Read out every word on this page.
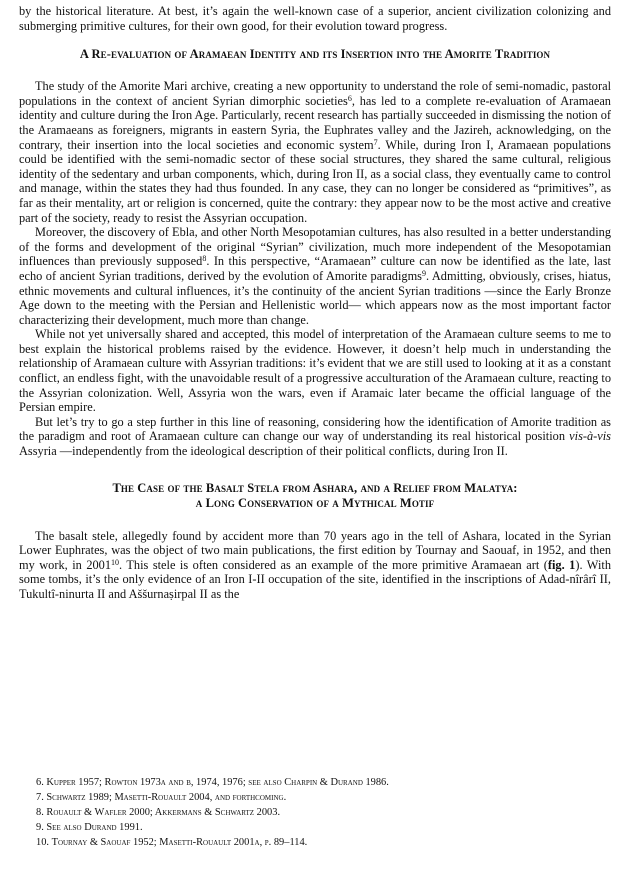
by the historical literature. At best, it’s again the well-known case of a superior, ancient civilization colonizing and submerging primitive cultures, for their own good, for their evolution toward progress.

A Re-evaluation of Aramaean Identity and its Insertion into the Amorite Tradition

The study of the Amorite Mari archive, creating a new opportunity to understand the role of semi-nomadic, pastoral populations in the context of ancient Syrian dimorphic societies$^6$, has led to a complete re-evaluation of Aramaean identity and culture during the Iron Age. Particularly, recent research has partially succeeded in dismissing the notion of the Aramaeans as foreigners, migrants in eastern Syria, the Euphrates valley and the Jazireh, acknowledging, on the contrary, their insertion into the local societies and economic system$^7$. While, during Iron I, Aramaean populations could be identified with the semi-nomadic sector of these social structures, they shared the same cultural, religious identity of the sedentary and urban components, which, during Iron II, as a social class, they eventually came to control and manage, within the states they had thus founded. In any case, they can no longer be considered as “primitives”, as far as their mentality, art or religion is concerned, quite the contrary: they appear now to be the most active and creative part of the society, ready to resist the Assyrian occupation.

Moreover, the discovery of Ebla, and other North Mesopotamian cultures, has also resulted in a better understanding of the forms and development of the original “Syrian” civilization, much more independent of the Mesopotamian influences than previously supposed$^8$. In this perspective, “Aramaean” culture can now be identified as the late, last echo of ancient Syrian traditions, derived by the evolution of Amorite paradigms$^9$. Admitting, obviously, crises, hiatus, ethnic movements and cultural influences, it’s the continuity of the ancient Syrian traditions —since the Early Bronze Age down to the meeting with the Persian and Hellenistic world— which appears now as the most important factor characterizing their development, much more than change.

While not yet universally shared and accepted, this model of interpretation of the Aramaean culture seems to me to best explain the historical problems raised by the evidence. However, it doesn’t help much in understanding the relationship of Aramaean culture with Assyrian traditions: it’s evident that we are still used to looking at it as a constant conflict, an endless fight, with the unavoidable result of a progressive acculturation of the Aramaean culture, reacting to the Assyrian colonization. Well, Assyria won the wars, even if Aramaic later became the official language of the Persian empire.

But let’s try to go a step further in this line of reasoning, considering how the identification of Amorite tradition as the paradigm and root of Aramaean culture can change our way of understanding its real historical position vis-à-vis Assyria —independently from the ideological description of their political conflicts, during Iron II.

The Case of the Basalt Stela from Ashara, and a Relief from Malatya:
a Long Conservation of a Mythical Motif

The basalt stele, allegedly found by accident more than 70 years ago in the tell of Ashara, located in the Syrian Lower Euphrates, was the object of two main publications, the first edition by Tournay and Saouaf, in 1952, and then my work, in 2001$^{10}$. This stele is often considered as an example of the more primitive Aramaean art (fig. 1). With some tombs, it’s the only evidence of an Iron I-II occupation of the site, identified in the inscriptions of Adad-nîrârî II, Tukultî-ninurta II and Aššurnaṣirpal II as the

6. Kupper 1957; Rowton 1973a and b, 1974, 1976; see also Charpin & Durand 1986.
7. Schwartz 1989; Masetti-Rouault 2004, and forthcoming.
8. Rouault & Wafler 2000; Akkermans & Schwartz 2003.
9. See also Durand 1991.
10. Tournay & Saouaf 1952; Masetti-Rouault 2001a, p. 89–114.
